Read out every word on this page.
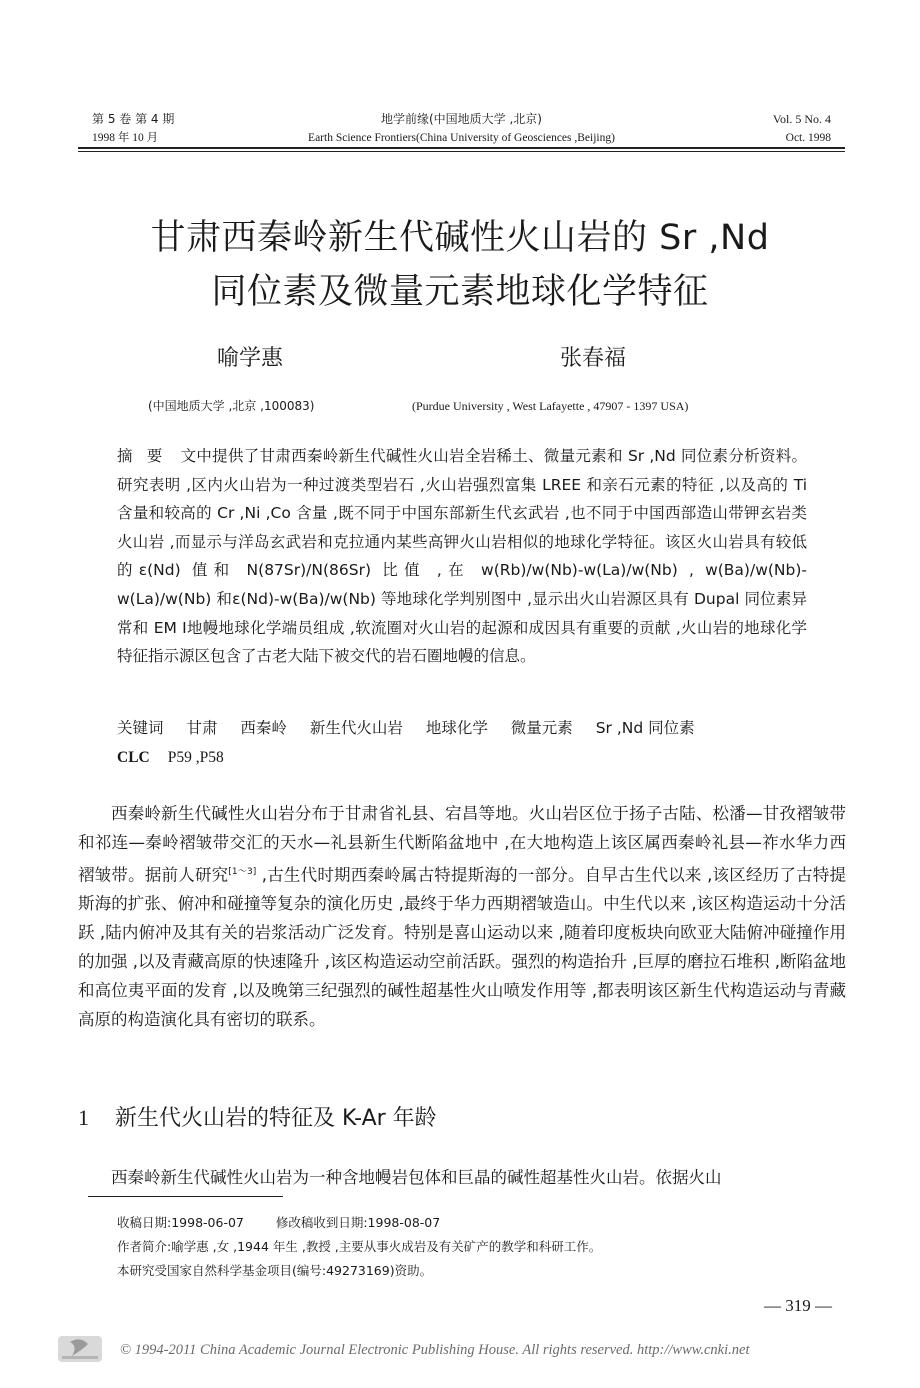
第 5 卷 第 4 期	地学前缘(中国地质大学 ,北京)	Vol. 5 No. 4
1998 年 10 月	Earth Science Frontiers(China University of Geosciences ,Beijing)	Oct. 1998
甘肃西秦岭新生代碱性火山岩的 Sr ,Nd
同位素及微量元素地球化学特征
喻学惠	张春福
(中国地质大学 ,北京 ,100083)	(Purdue University , West Lafayette , 47907 - 1397 USA)

摘要 文中提供了甘肃西秦岭新生代碱性火山岩全岩稀土、微量元素和 Sr ,Nd 同位素分析资料。研究表明 ,区内火山岩为一种过渡类型岩石 ,火山岩强烈富集 LREE 和亲石元素的特征 ,以及高的 Ti 含量和较高的 Cr ,Ni ,Co 含量 ,既不同于中国东部新生代玄武岩 ,也不同于中国西部造山带钾玄岩类火山岩 ,而显示与洋岛玄武岩和克拉通内某些高钾火山岩相似的地球化学特征。该区火山岩具有较低的ε(Nd) 值和 N(87Sr)/N(86Sr) 比值 ,在 w(Rb)/w(Nb)-w(La)/w(Nb) , w(Ba)/w(Nb)-w(La)/w(Nb) 和ε(Nd)-w(Ba)/w(Nb) 等地球化学判别图中 ,显示出火山岩源区具有 Dupal 同位素异常和 EM Ⅰ地幔地球化学端员组成 ,软流圈对火山岩的起源和成因具有重要的贡献 ,火山岩的地球化学特征指示源区包含了古老大陆下被交代的岩石圈地幔的信息。

关键词 甘肃 西秦岭 新生代火山岩 地球化学 微量元素 Sr ,Nd 同位素
CLC P59 ,P58

西秦岭新生代碱性火山岩分布于甘肃省礼县、宕昌等地。火山岩区位于扬子古陆、松潘—甘孜褶皱带和祁连—秦岭褶皱带交汇的天水—礼县新生代断陷盆地中 ,在大地构造上该区属西秦岭礼县—祚水华力西褶皱带。据前人研究[1～3] ,古生代时期西秦岭属古特提斯海的一部分。自早古生代以来 ,该区经历了古特提斯海的扩张、俯冲和碰撞等复杂的演化历史 ,最终于华力西期褶皱造山。中生代以来 ,该区构造运动十分活跃 ,陆内俯冲及其有关的岩浆活动广泛发育。特别是喜山运动以来 ,随着印度板块向欧亚大陆俯冲碰撞作用的加强 ,以及青藏高原的快速隆升 ,该区构造运动空前活跃。强烈的构造抬升 ,巨厚的磨拉石堆积 ,断陷盆地和高位夷平面的发育 ,以及晚第三纪强烈的碱性超基性火山喷发作用等 ,都表明该区新生代构造运动与青藏高原的构造演化具有密切的联系。

1 新生代火山岩的特征及 K-Ar 年龄

西秦岭新生代碱性火山岩为一种含地幔岩包体和巨晶的碱性超基性火山岩。依据火山

收稿日期:1998-06-07	修改稿收到日期:1998-08-07
作者简介:喻学惠 ,女 ,1944 年生 ,教授 ,主要从事火成岩及有关矿产的教学和科研工作。
本研究受国家自然科学基金项目(编号:49273169)资助。
— 319 —
© 1994-2011 China Academic Journal Electronic Publishing House. All rights reserved. http://www.cnki.net
